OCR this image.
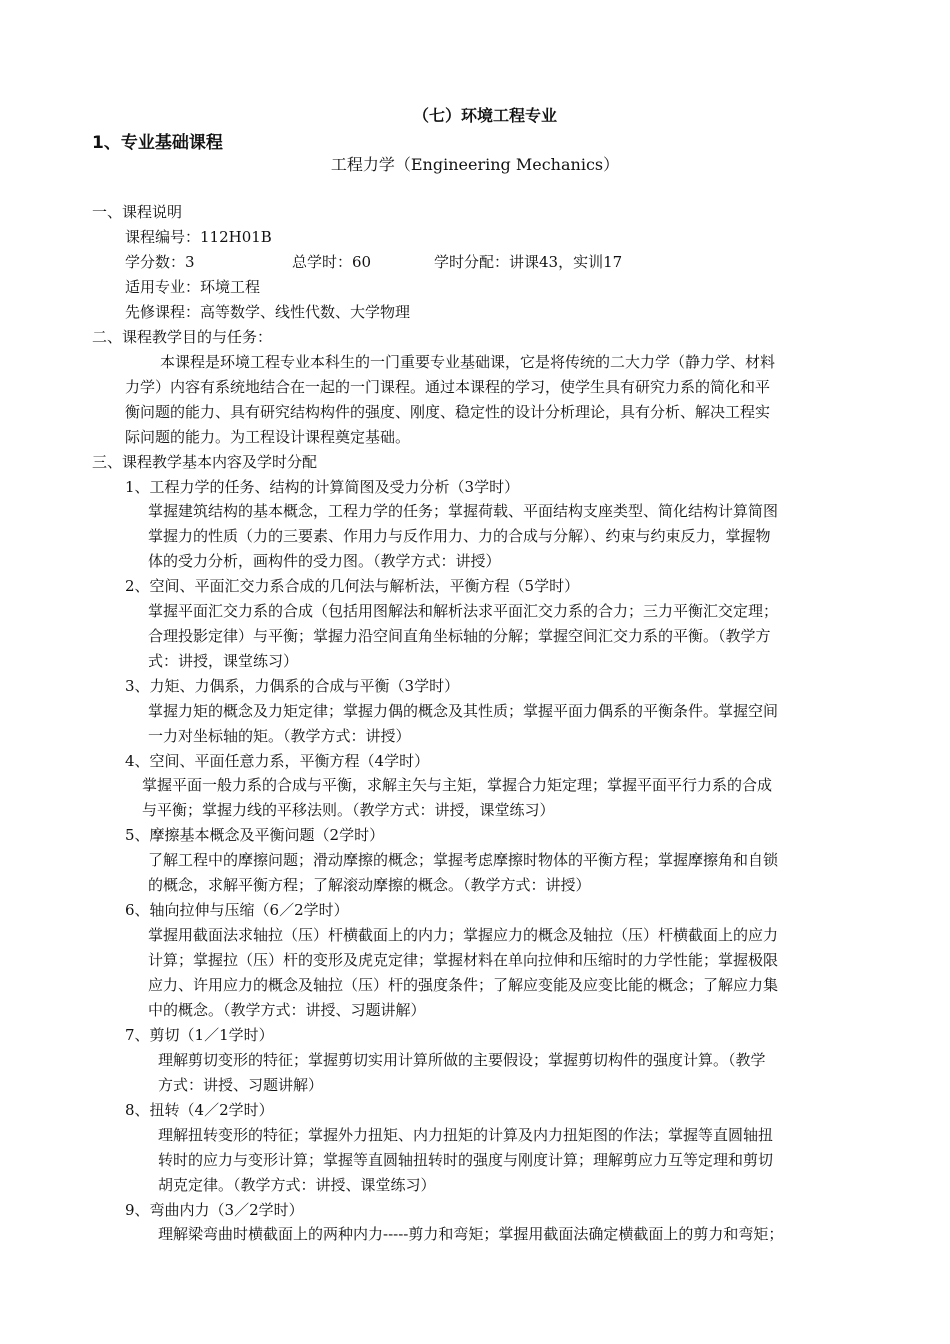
（七）环境工程专业
1、专业基础课程
工程力学（Engineering Mechanics）
一、课程说明
课程编号：112H01B
学分数：3	总学时：60	学时分配：讲课43，实训17
适用专业：环境工程
先修课程：高等数学、线性代数、大学物理
二、课程教学目的与任务：
本课程是环境工程专业本科生的一门重要专业基础课，它是将传统的二大力学（静力学、材料
力学）内容有系统地结合在一起的一门课程。通过本课程的学习，使学生具有研究力系的简化和平
衡问题的能力、具有研究结构构件的强度、刚度、稳定性的设计分析理论，具有分析、解决工程实
际问题的能力。为工程设计课程奠定基础。
三、课程教学基本内容及学时分配
1、工程力学的任务、结构的计算简图及受力分析（3学时）
掌握建筑结构的基本概念，工程力学的任务；掌握荷载、平面结构支座类型、简化结构计算简图
掌握力的性质（力的三要素、作用力与反作用力、力的合成与分解）、约束与约束反力，掌握物
体的受力分析，画构件的受力图。（教学方式：讲授）
2、空间、平面汇交力系合成的几何法与解析法，平衡方程（5学时）
掌握平面汇交力系的合成（包括用图解法和解析法求平面汇交力系的合力；三力平衡汇交定理；
合理投影定律）与平衡；掌握力沿空间直角坐标轴的分解；掌握空间汇交力系的平衡。（教学方
式：讲授，课堂练习）
3、力矩、力偶系，力偶系的合成与平衡（3学时）
掌握力矩的概念及力矩定律；掌握力偶的概念及其性质；掌握平面力偶系的平衡条件。掌握空间
一力对坐标轴的矩。（教学方式：讲授）
4、空间、平面任意力系，平衡方程（4学时）
掌握平面一般力系的合成与平衡，求解主矢与主矩，掌握合力矩定理；掌握平面平行力系的合成
与平衡；掌握力线的平移法则。（教学方式：讲授，课堂练习）
5、摩擦基本概念及平衡问题（2学时）
了解工程中的摩擦问题；滑动摩擦的概念；掌握考虑摩擦时物体的平衡方程；掌握摩擦角和自锁
的概念，求解平衡方程；了解滚动摩擦的概念。（教学方式：讲授）
6、轴向拉伸与压缩（6／2学时）
掌握用截面法求轴拉（压）杆横截面上的内力；掌握应力的概念及轴拉（压）杆横截面上的应力
计算；掌握拉（压）杆的变形及虎克定律；掌握材料在单向拉伸和压缩时的力学性能；掌握极限
应力、许用应力的概念及轴拉（压）杆的强度条件；了解应变能及应变比能的概念；了解应力集
中的概念。（教学方式：讲授、习题讲解）
7、剪切（1／1学时）
理解剪切变形的特征；掌握剪切实用计算所做的主要假设；掌握剪切构件的强度计算。（教学
方式：讲授、习题讲解）
8、扭转（4／2学时）
理解扭转变形的特征；掌握外力扭矩、内力扭矩的计算及内力扭矩图的作法；掌握等直圆轴扭
转时的应力与变形计算；掌握等直圆轴扭转时的强度与刚度计算；理解剪应力互等定理和剪切
胡克定律。（教学方式：讲授、课堂练习）
9、弯曲内力（3／2学时）
理解梁弯曲时横截面上的两种内力-----剪力和弯矩；掌握用截面法确定横截面上的剪力和弯矩；
